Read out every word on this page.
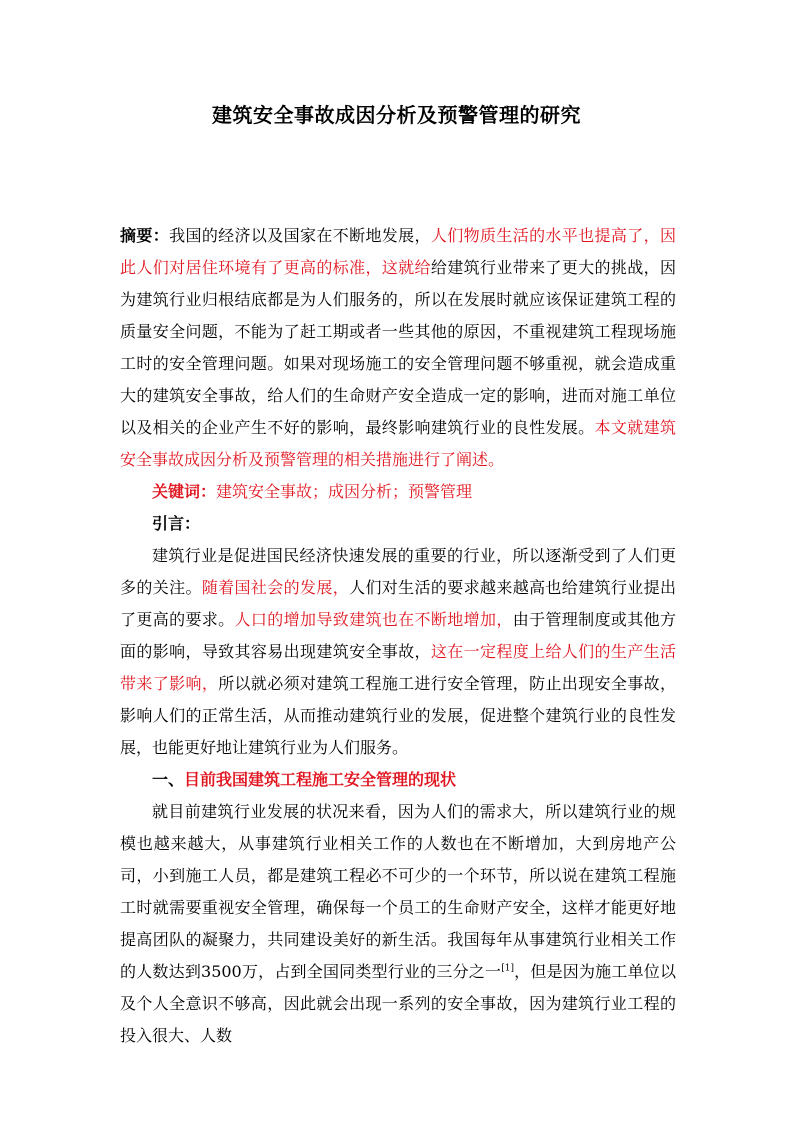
建筑安全事故成因分析及预警管理的研究

摘要：我国的经济以及国家在不断地发展，人们物质生活的水平也提高了，因此人们对居住环境有了更高的标准，这就给给建筑行业带来了更大的挑战，因为建筑行业归根结底都是为人们服务的，所以在发展时就应该保证建筑工程的质量安全问题，不能为了赶工期或者一些其他的原因，不重视建筑工程现场施工时的安全管理问题。如果对现场施工的安全管理问题不够重视，就会造成重大的建筑安全事故，给人们的生命财产安全造成一定的影响，进而对施工单位以及相关的企业产生不好的影响，最终影响建筑行业的良性发展。本文就建筑安全事故成因分析及预警管理的相关措施进行了阐述。

关键词：建筑安全事故；成因分析；预警管理

引言：

建筑行业是促进国民经济快速发展的重要的行业，所以逐渐受到了人们更多的关注。随着国社会的发展，人们对生活的要求越来越高也给建筑行业提出了更高的要求。人口的增加导致建筑也在不断地增加，由于管理制度或其他方面的影响，导致其容易出现建筑安全事故，这在一定程度上给人们的生产生活带来了影响，所以就必须对建筑工程施工进行安全管理，防止出现安全事故，影响人们的正常生活，从而推动建筑行业的发展，促进整个建筑行业的良性发展，也能更好地让建筑行业为人们服务。

一、目前我国建筑工程施工安全管理的现状

就目前建筑行业发展的状况来看，因为人们的需求大，所以建筑行业的规模也越来越大，从事建筑行业相关工作的人数也在不断增加，大到房地产公司，小到施工人员，都是建筑工程必不可少的一个环节，所以说在建筑工程施工时就需要重视安全管理，确保每一个员工的生命财产安全，这样才能更好地提高团队的凝聚力，共同建设美好的新生活。我国每年从事建筑行业相关工作的人数达到3500万，占到全国同类型行业的三分之一[1]，但是因为施工单位以及个人全意识不够高，因此就会出现一系列的安全事故，因为建筑行业工程的投入很大、人数
